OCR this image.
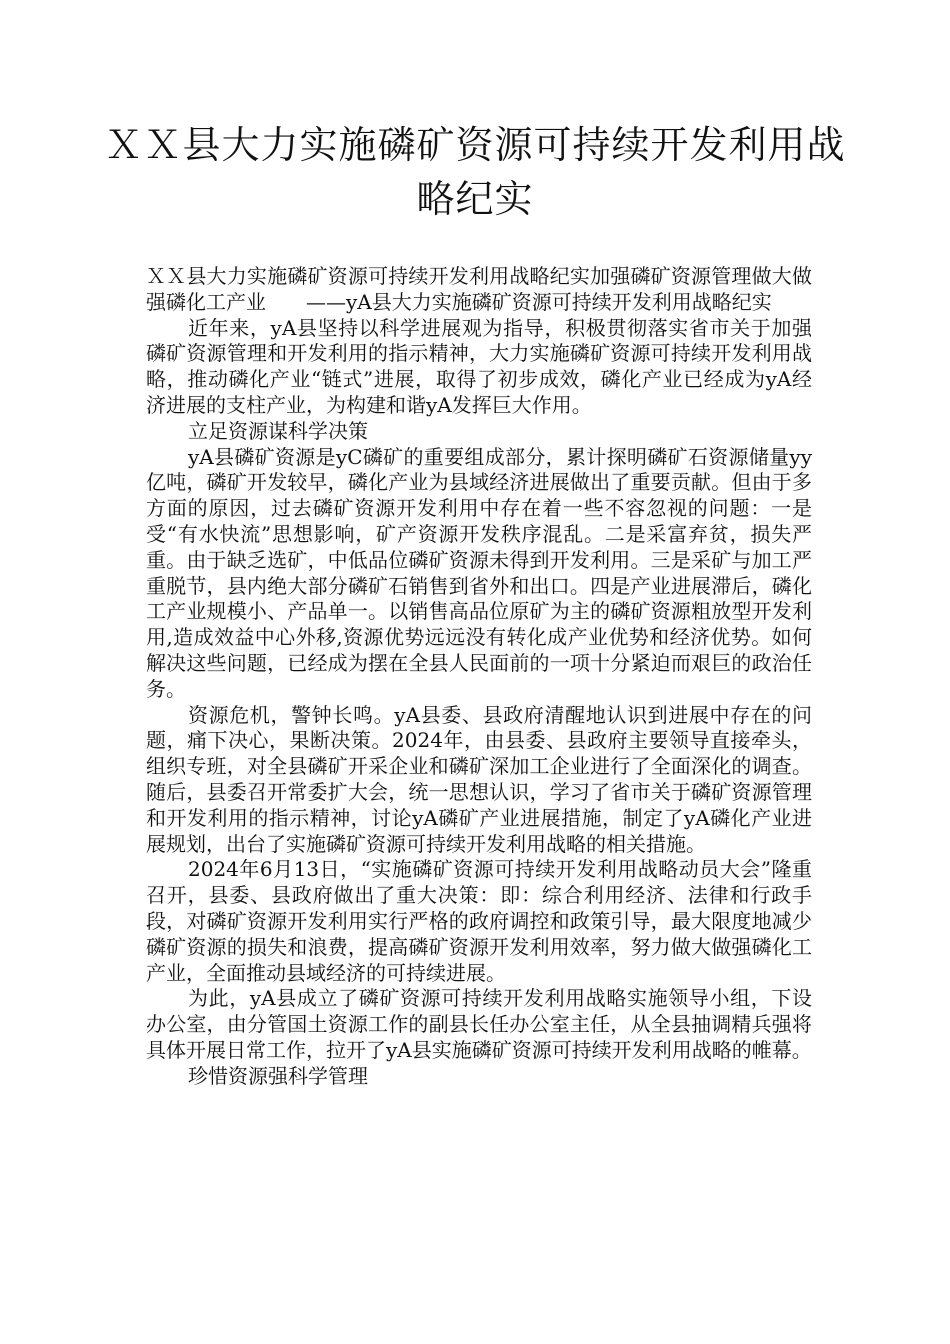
ＸＸ县大力实施磷矿资源可持续开发利用战略纪实

ＸＸ县大力实施磷矿资源可持续开发利用战略纪实加强磷矿资源管理做大做强磷化工产业　　——yA县大力实施磷矿资源可持续开发利用战略纪实

近年来，yA县坚持以科学进展观为指导，积极贯彻落实省市关于加强磷矿资源管理和开发利用的指示精神，大力实施磷矿资源可持续开发利用战略，推动磷化产业“链式”进展，取得了初步成效，磷化产业已经成为yA经济进展的支柱产业，为构建和谐yA发挥巨大作用。

立足资源谋科学决策

yA县磷矿资源是yC磷矿的重要组成部分，累计探明磷矿石资源储量yy亿吨，磷矿开发较早，磷化产业为县域经济进展做出了重要贡献。但由于多方面的原因，过去磷矿资源开发利用中存在着一些不容忽视的问题：一是受“有水快流”思想影响，矿产资源开发秩序混乱。二是采富弃贫，损失严重。由于缺乏选矿，中低品位磷矿资源未得到开发利用。三是采矿与加工严重脱节，县内绝大部分磷矿石销售到省外和出口。四是产业进展滞后，磷化工产业规模小、产品单一。以销售高品位原矿为主的磷矿资源粗放型开发利用,造成效益中心外移,资源优势远远没有转化成产业优势和经济优势。如何解决这些问题，已经成为摆在全县人民面前的一项十分紧迫而艰巨的政治任务。

资源危机，警钟长鸣。yA县委、县政府清醒地认识到进展中存在的问题，痛下决心，果断决策。2024年，由县委、县政府主要领导直接牵头，组织专班，对全县磷矿开采企业和磷矿深加工企业进行了全面深化的调查。随后，县委召开常委扩大会，统一思想认识，学习了省市关于磷矿资源管理和开发利用的指示精神，讨论yA磷矿产业进展措施，制定了yA磷化产业进展规划，出台了实施磷矿资源可持续开发利用战略的相关措施。

2024年6月13日，“实施磷矿资源可持续开发利用战略动员大会”隆重召开，县委、县政府做出了重大决策：即：综合利用经济、法律和行政手段，对磷矿资源开发利用实行严格的政府调控和政策引导，最大限度地减少磷矿资源的损失和浪费，提高磷矿资源开发利用效率，努力做大做强磷化工产业，全面推动县域经济的可持续进展。

为此，yA县成立了磷矿资源可持续开发利用战略实施领导小组，下设办公室，由分管国土资源工作的副县长任办公室主任，从全县抽调精兵强将具体开展日常工作，拉开了yA县实施磷矿资源可持续开发利用战略的帷幕。

珍惜资源强科学管理
